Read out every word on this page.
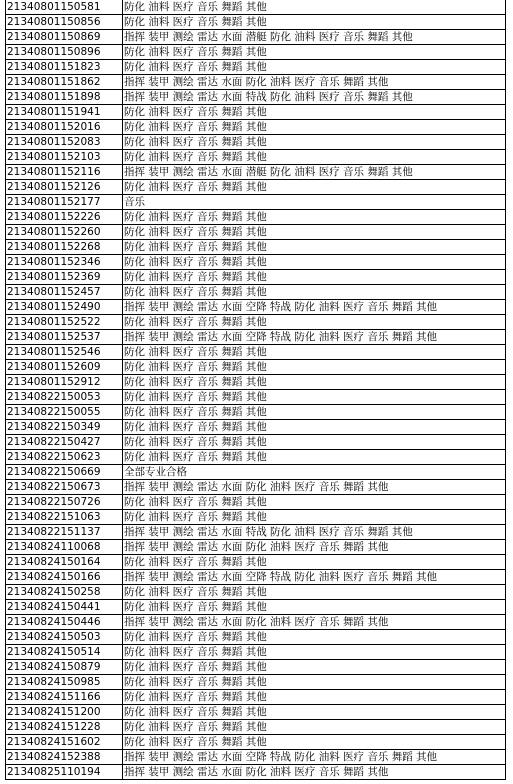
21340801150581	防化 油料 医疗 音乐 舞蹈 其他
21340801150856	防化 油料 医疗 音乐 舞蹈 其他
21340801150869	指挥 装甲 测绘 雷达 水面 潜艇 防化 油料 医疗 音乐 舞蹈 其他
21340801150896	防化 油料 医疗 音乐 舞蹈 其他
21340801151823	防化 油料 医疗 音乐 舞蹈 其他
21340801151862	指挥 装甲 测绘 雷达 水面 防化 油料 医疗 音乐 舞蹈 其他
21340801151898	指挥 装甲 测绘 雷达 水面 特战 防化 油料 医疗 音乐 舞蹈 其他
21340801151941	防化 油料 医疗 音乐 舞蹈 其他
21340801152016	防化 油料 医疗 音乐 舞蹈 其他
21340801152083	防化 油料 医疗 音乐 舞蹈 其他
21340801152103	防化 油料 医疗 音乐 舞蹈 其他
21340801152116	指挥 装甲 测绘 雷达 水面 潜艇 防化 油料 医疗 音乐 舞蹈 其他
21340801152126	防化 油料 医疗 音乐 舞蹈 其他
21340801152177	音乐
21340801152226	防化 油料 医疗 音乐 舞蹈 其他
21340801152260	防化 油料 医疗 音乐 舞蹈 其他
21340801152268	防化 油料 医疗 音乐 舞蹈 其他
21340801152346	防化 油料 医疗 音乐 舞蹈 其他
21340801152369	防化 油料 医疗 音乐 舞蹈 其他
21340801152457	防化 油料 医疗 音乐 舞蹈 其他
21340801152490	指挥 装甲 测绘 雷达 水面 空降 特战 防化 油料 医疗 音乐 舞蹈 其他
21340801152522	防化 油料 医疗 音乐 舞蹈 其他
21340801152537	指挥 装甲 测绘 雷达 水面 空降 特战 防化 油料 医疗 音乐 舞蹈 其他
21340801152546	防化 油料 医疗 音乐 舞蹈 其他
21340801152609	防化 油料 医疗 音乐 舞蹈 其他
21340801152912	防化 油料 医疗 音乐 舞蹈 其他
21340822150053	防化 油料 医疗 音乐 舞蹈 其他
21340822150055	防化 油料 医疗 音乐 舞蹈 其他
21340822150349	防化 油料 医疗 音乐 舞蹈 其他
21340822150427	防化 油料 医疗 音乐 舞蹈 其他
21340822150623	防化 油料 医疗 音乐 舞蹈 其他
21340822150669	全部专业合格
21340822150673	指挥 装甲 测绘 雷达 水面 防化 油料 医疗 音乐 舞蹈 其他
21340822150726	防化 油料 医疗 音乐 舞蹈 其他
21340822151063	防化 油料 医疗 音乐 舞蹈 其他
21340822151137	指挥 装甲 测绘 雷达 水面 特战 防化 油料 医疗 音乐 舞蹈 其他
21340824110068	指挥 装甲 测绘 雷达 水面 防化 油料 医疗 音乐 舞蹈 其他
21340824150164	防化 油料 医疗 音乐 舞蹈 其他
21340824150166	指挥 装甲 测绘 雷达 水面 空降 特战 防化 油料 医疗 音乐 舞蹈 其他
21340824150258	防化 油料 医疗 音乐 舞蹈 其他
21340824150441	防化 油料 医疗 音乐 舞蹈 其他
21340824150446	指挥 装甲 测绘 雷达 水面 防化 油料 医疗 音乐 舞蹈 其他
21340824150503	防化 油料 医疗 音乐 舞蹈 其他
21340824150514	防化 油料 医疗 音乐 舞蹈 其他
21340824150879	防化 油料 医疗 音乐 舞蹈 其他
21340824150985	防化 油料 医疗 音乐 舞蹈 其他
21340824151166	防化 油料 医疗 音乐 舞蹈 其他
21340824151200	防化 油料 医疗 音乐 舞蹈 其他
21340824151228	防化 油料 医疗 音乐 舞蹈 其他
21340824151602	防化 油料 医疗 音乐 舞蹈 其他
21340824152388	指挥 装甲 测绘 雷达 水面 空降 特战 防化 油料 医疗 音乐 舞蹈 其他
21340825110194	指挥 装甲 测绘 雷达 水面 防化 油料 医疗 音乐 舞蹈 其他
